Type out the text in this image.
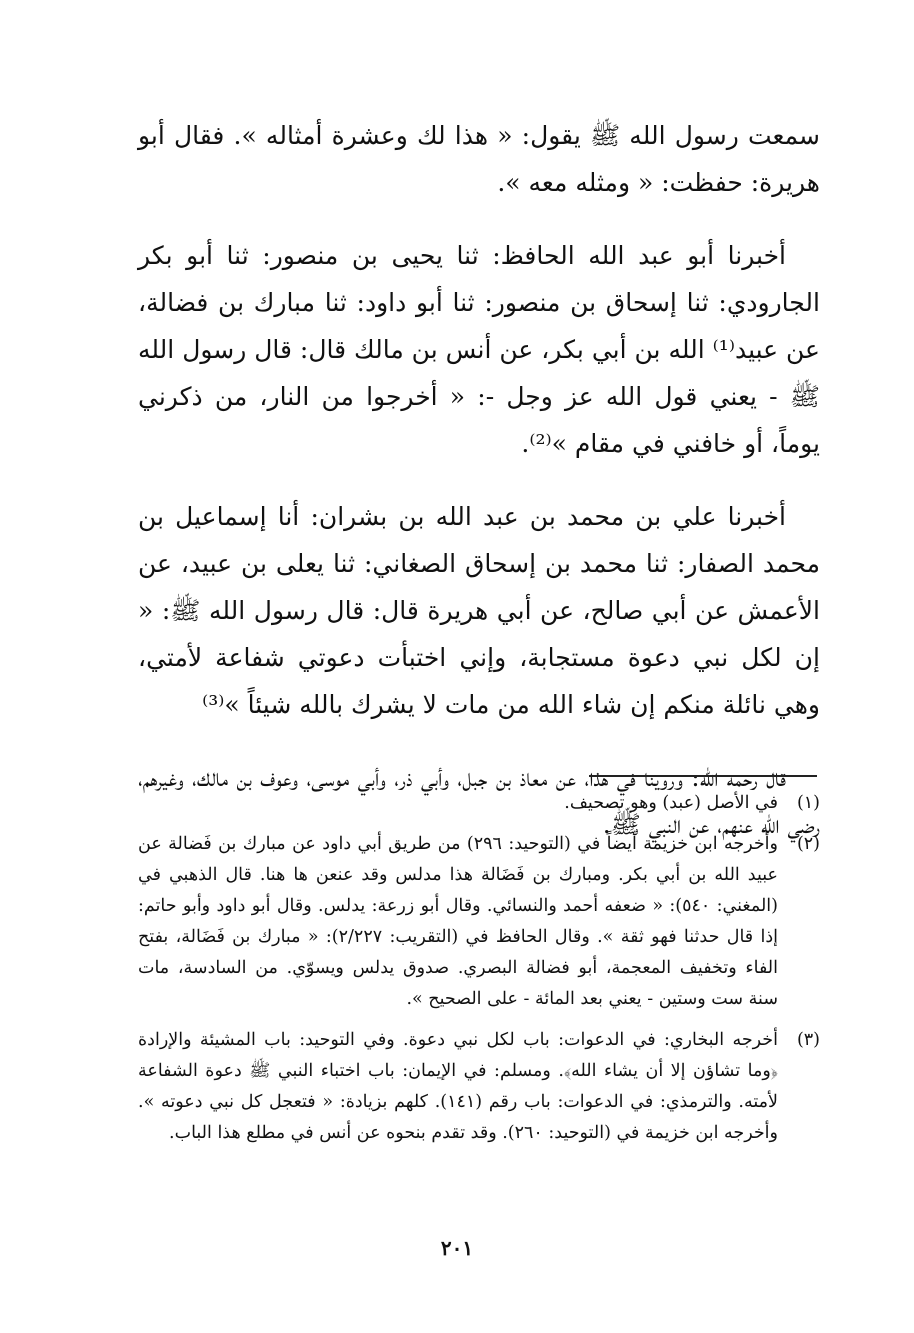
سمعت رسول الله ﷺ يقول: « هذا لك وعشرة أمثاله ». فقال أبو هريرة: حفظت: « ومثله معه ».

أخبرنا أبو عبد الله الحافظ: ثنا يحيى بن منصور: ثنا أبو بكر الجارودي: ثنا إسحاق بن منصور: ثنا أبو داود: ثنا مبارك بن فضالة، عن عبيد⁽¹⁾ الله بن أبي بكر، عن أنس بن مالك قال: قال رسول الله ﷺ - يعني قول الله عز وجل -: « أخرجوا من النار، من ذكرني يوماً، أو خافني في مقام »⁽²⁾.

أخبرنا علي بن محمد بن عبد الله بن بشران: أنا إسماعيل بن محمد الصفار: ثنا محمد بن إسحاق الصغاني: ثنا يعلى بن عبيد، عن الأعمش عن أبي صالح، عن أبي هريرة قال: قال رسول الله ﷺ: « إن لكل نبي دعوة مستجابة، وإني اختبأت دعوتي شفاعة لأمتي، وهي نائلة منكم إن شاء الله من مات لا يشرك بالله شيئاً »⁽³⁾

قال رحمه الله: وروينا في هذا، عن معاذ بن جبل، وأبي ذر، وأبي موسى، وعوف بن مالك، وغيرهم، رضي الله عنهم، عن النبي ﷺ.

(١)
في الأصل (عبد) وهو تصحيف.
(٢)
وأخرجه ابن خزيمة أيضاً في (التوحيد: ٢٩٦) من طريق أبي داود عن مبارك بن فَضالة عن عبيد الله بن أبي بكر. ومبارك بن فَضَالة هذا مدلس وقد عنعن ها هنا. قال الذهبي في (المغني: ٥٤٠): « ضعفه أحمد والنسائي. وقال أبو زرعة: يدلس. وقال أبو داود وأبو حاتم: إذا قال حدثنا فهو ثقة ». وقال الحافظ في (التقريب: ٢/٢٢٧): « مبارك بن فَضَالة، بفتح الفاء وتخفيف المعجمة، أبو فضالة البصري. صدوق يدلس ويسوّي. من السادسة، مات سنة ست وستين - يعني بعد المائة - على الصحيح ».
(٣)
أخرجه البخاري: في الدعوات: باب لكل نبي دعوة. وفي التوحيد: باب المشيئة والإرادة ﴿وما تشاؤن إلا أن يشاء الله﴾. ومسلم: في الإيمان: باب اختباء النبي ﷺ دعوة الشفاعة لأمته. والترمذي: في الدعوات: باب رقم (١٤١). كلهم بزيادة: « فتعجل كل نبي دعوته ». وأخرجه ابن خزيمة في (التوحيد: ٢٦٠). وقد تقدم بنحوه عن أنس في مطلع هذا الباب.
٢٠١
